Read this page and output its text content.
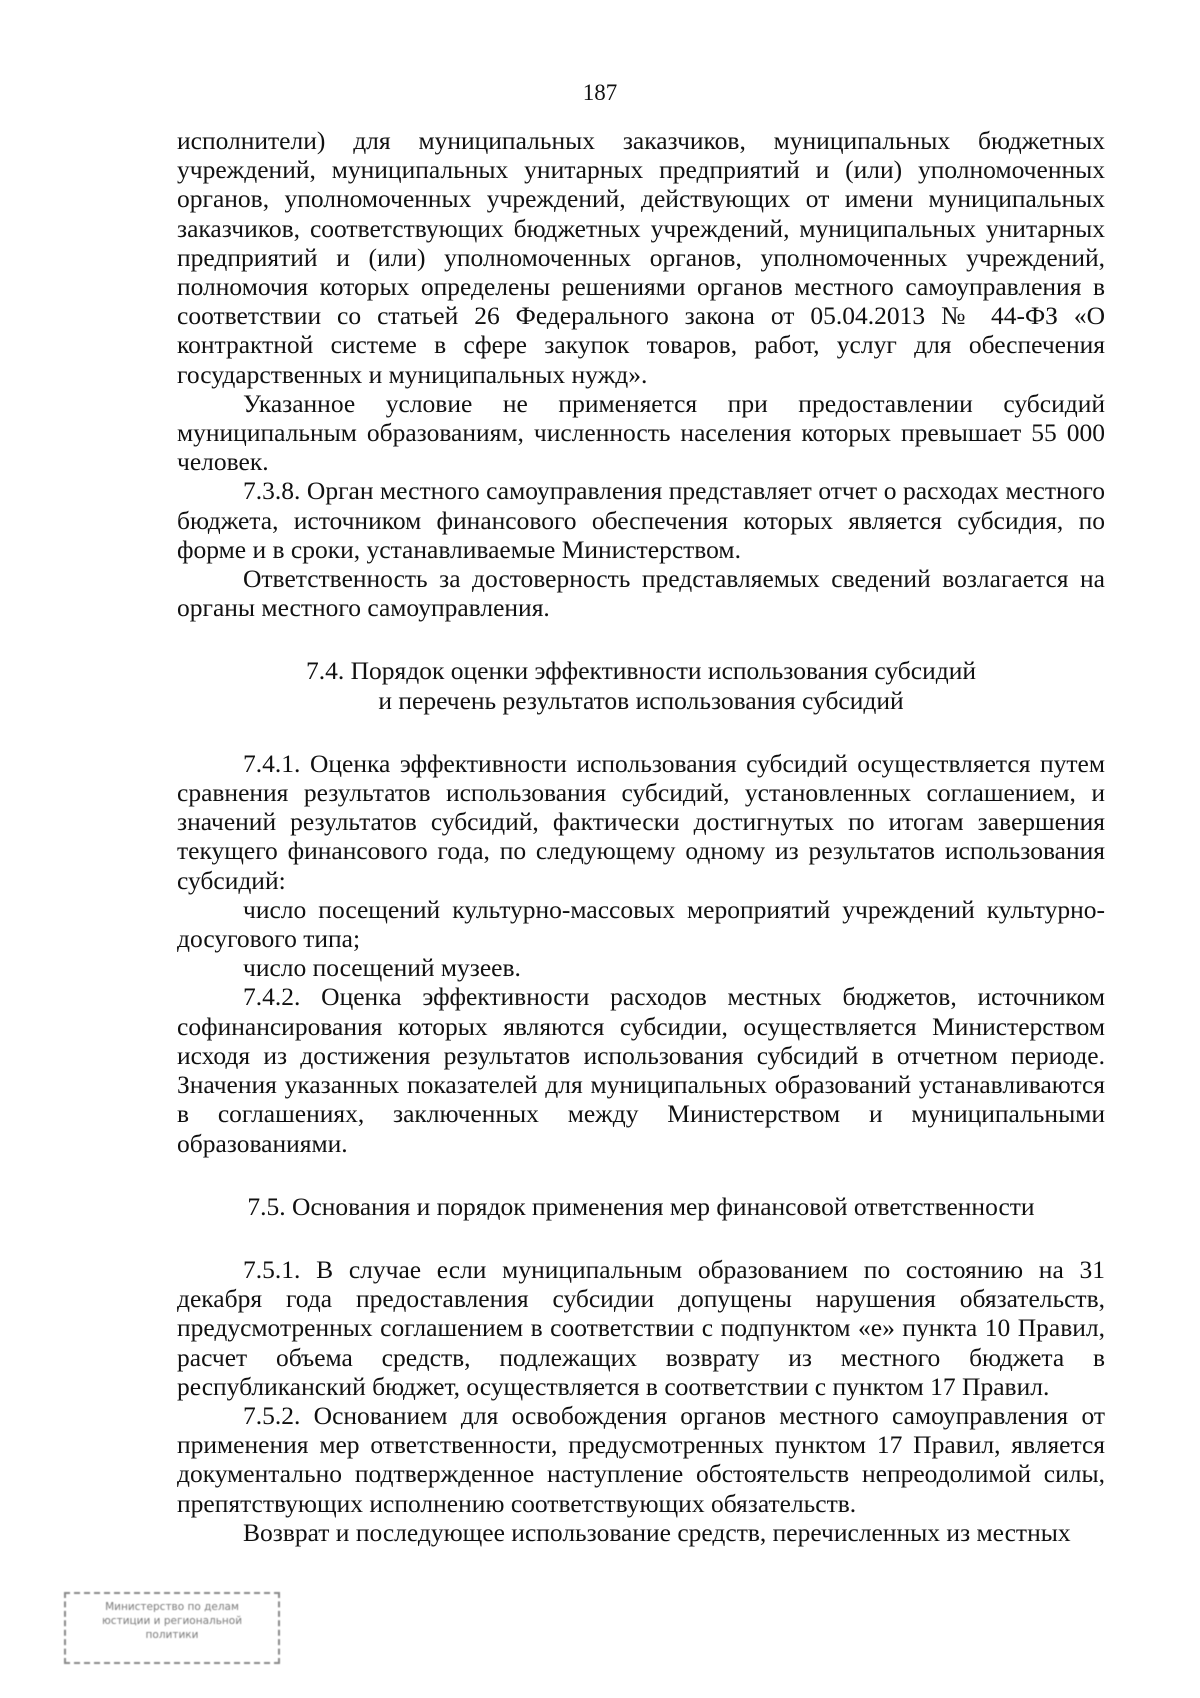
187

исполнители) для муниципальных заказчиков, муниципальных бюджетных учреждений, муниципальных унитарных предприятий и (или) уполномоченных органов, уполномоченных учреждений, действующих от имени муниципальных заказчиков, соответствующих бюджетных учреждений, муниципальных унитарных предприятий и (или) уполномоченных органов, уполномоченных учреждений, полномочия которых определены решениями органов местного самоуправления в соответствии со статьей 26 Федерального закона от 05.04.2013 № 44-ФЗ «О контрактной системе в сфере закупок товаров, работ, услуг для обеспечения государственных и муниципальных нужд».

Указанное условие не применяется при предоставлении субсидий муниципальным образованиям, численность населения которых превышает 55 000 человек.

7.3.8. Орган местного самоуправления представляет отчет о расходах местного бюджета, источником финансового обеспечения которых является субсидия, по форме и в сроки, устанавливаемые Министерством.

Ответственность за достоверность представляемых сведений возлагается на органы местного самоуправления.

7.4. Порядок оценки эффективности использования субсидий
и перечень результатов использования субсидий

7.4.1. Оценка эффективности использования субсидий осуществляется путем сравнения результатов использования субсидий, установленных соглашением, и значений результатов субсидий, фактически достигнутых по итогам завершения текущего финансового года, по следующему одному из результатов использования субсидий:

число посещений культурно-массовых мероприятий учреждений культурно-досугового типа;

число посещений музеев.

7.4.2. Оценка эффективности расходов местных бюджетов, источником софинансирования которых являются субсидии, осуществляется Министерством исходя из достижения результатов использования субсидий в отчетном периоде. Значения указанных показателей для муниципальных образований устанавливаются в соглашениях, заключенных между Министерством и муниципальными образованиями.

7.5. Основания и порядок применения мер финансовой ответственности

7.5.1. В случае если муниципальным образованием по состоянию на 31 декабря года предоставления субсидии допущены нарушения обязательств, предусмотренных соглашением в соответствии с подпунктом «е» пункта 10 Правил, расчет объема средств, подлежащих возврату из местного бюджета в республиканский бюджет, осуществляется в соответствии с пунктом 17 Правил.

7.5.2. Основанием для освобождения органов местного самоуправления от применения мер ответственности, предусмотренных пунктом 17 Правил, является документально подтвержденное наступление обстоятельств непреодолимой силы, препятствующих исполнению соответствующих обязательств.

Возврат и последующее использование средств, перечисленных из местных

Министерство по делам
юстиции и региональной
политики
